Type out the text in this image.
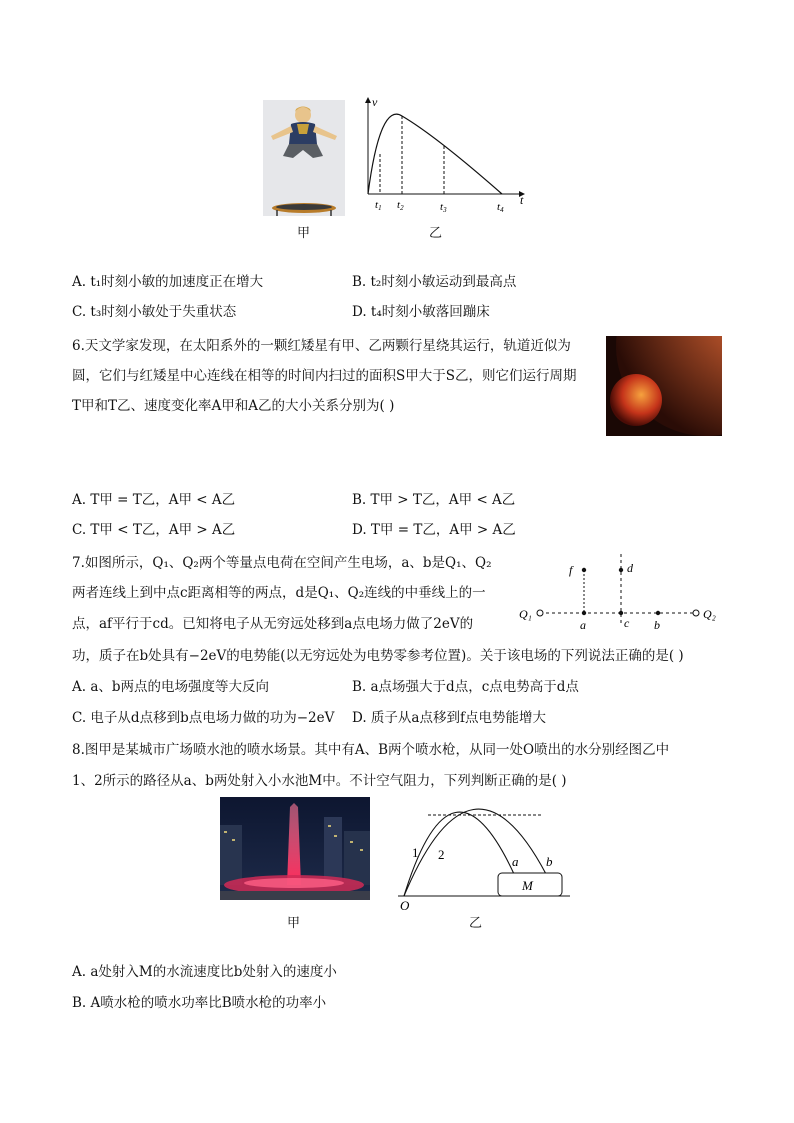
甲
v
t
t1 t2	t3	t4
乙
A. t₁时刻小敏的加速度正在增大	B. t₂时刻小敏运动到最高点
C. t₃时刻小敏处于失重状态	D. t₄时刻小敏落回蹦床
6.天文学家发现，在太阳系外的一颗红矮星有甲、乙两颗行星绕其运行，轨道近似为
圆，它们与红矮星中心连线在相等的时间内扫过的面积S甲大于S乙，则它们运行周期
T甲和T乙、速度变化率A甲和A乙的大小关系分别为( )
A. T甲 = T乙，A甲 < A乙	B. T甲 > T乙，A甲 < A乙
C. T甲 < T乙，A甲 > A乙	D. T甲 = T乙，A甲 > A乙
7.如图所示，Q₁、Q₂两个等量点电荷在空间产生电场，a、b是Q₁、Q₂
两者连线上到中点c距离相等的两点，d是Q₁、Q₂连线的中垂线上的一
点，af平行于cd。已知将电子从无穷远处移到a点电场力做了2eV的
功，质子在b处具有−2eV的电势能(以无穷远处为电势零参考位置)。关于该电场的下列说法正确的是( )
f	d
Q₁	Q₂
a	c b
A. a、b两点的电场强度等大反向	B. a点场强大于d点，c点电势高于d点
C. 电子从d点移到b点电场力做的功为−2eV D. 质子从a点移到f点电势能增大
8.图甲是某城市广场喷水池的喷水场景。其中有A、B两个喷水枪，从同一处O喷出的水分别经图乙中
1、2所示的路径从a、b两处射入小水池M中。不计空气阻力，下列判断正确的是( )
甲
1 2	a b
M
O
乙
A. a处射入M的水流速度比b处射入的速度小
B. A喷水枪的喷水功率比B喷水枪的功率小
